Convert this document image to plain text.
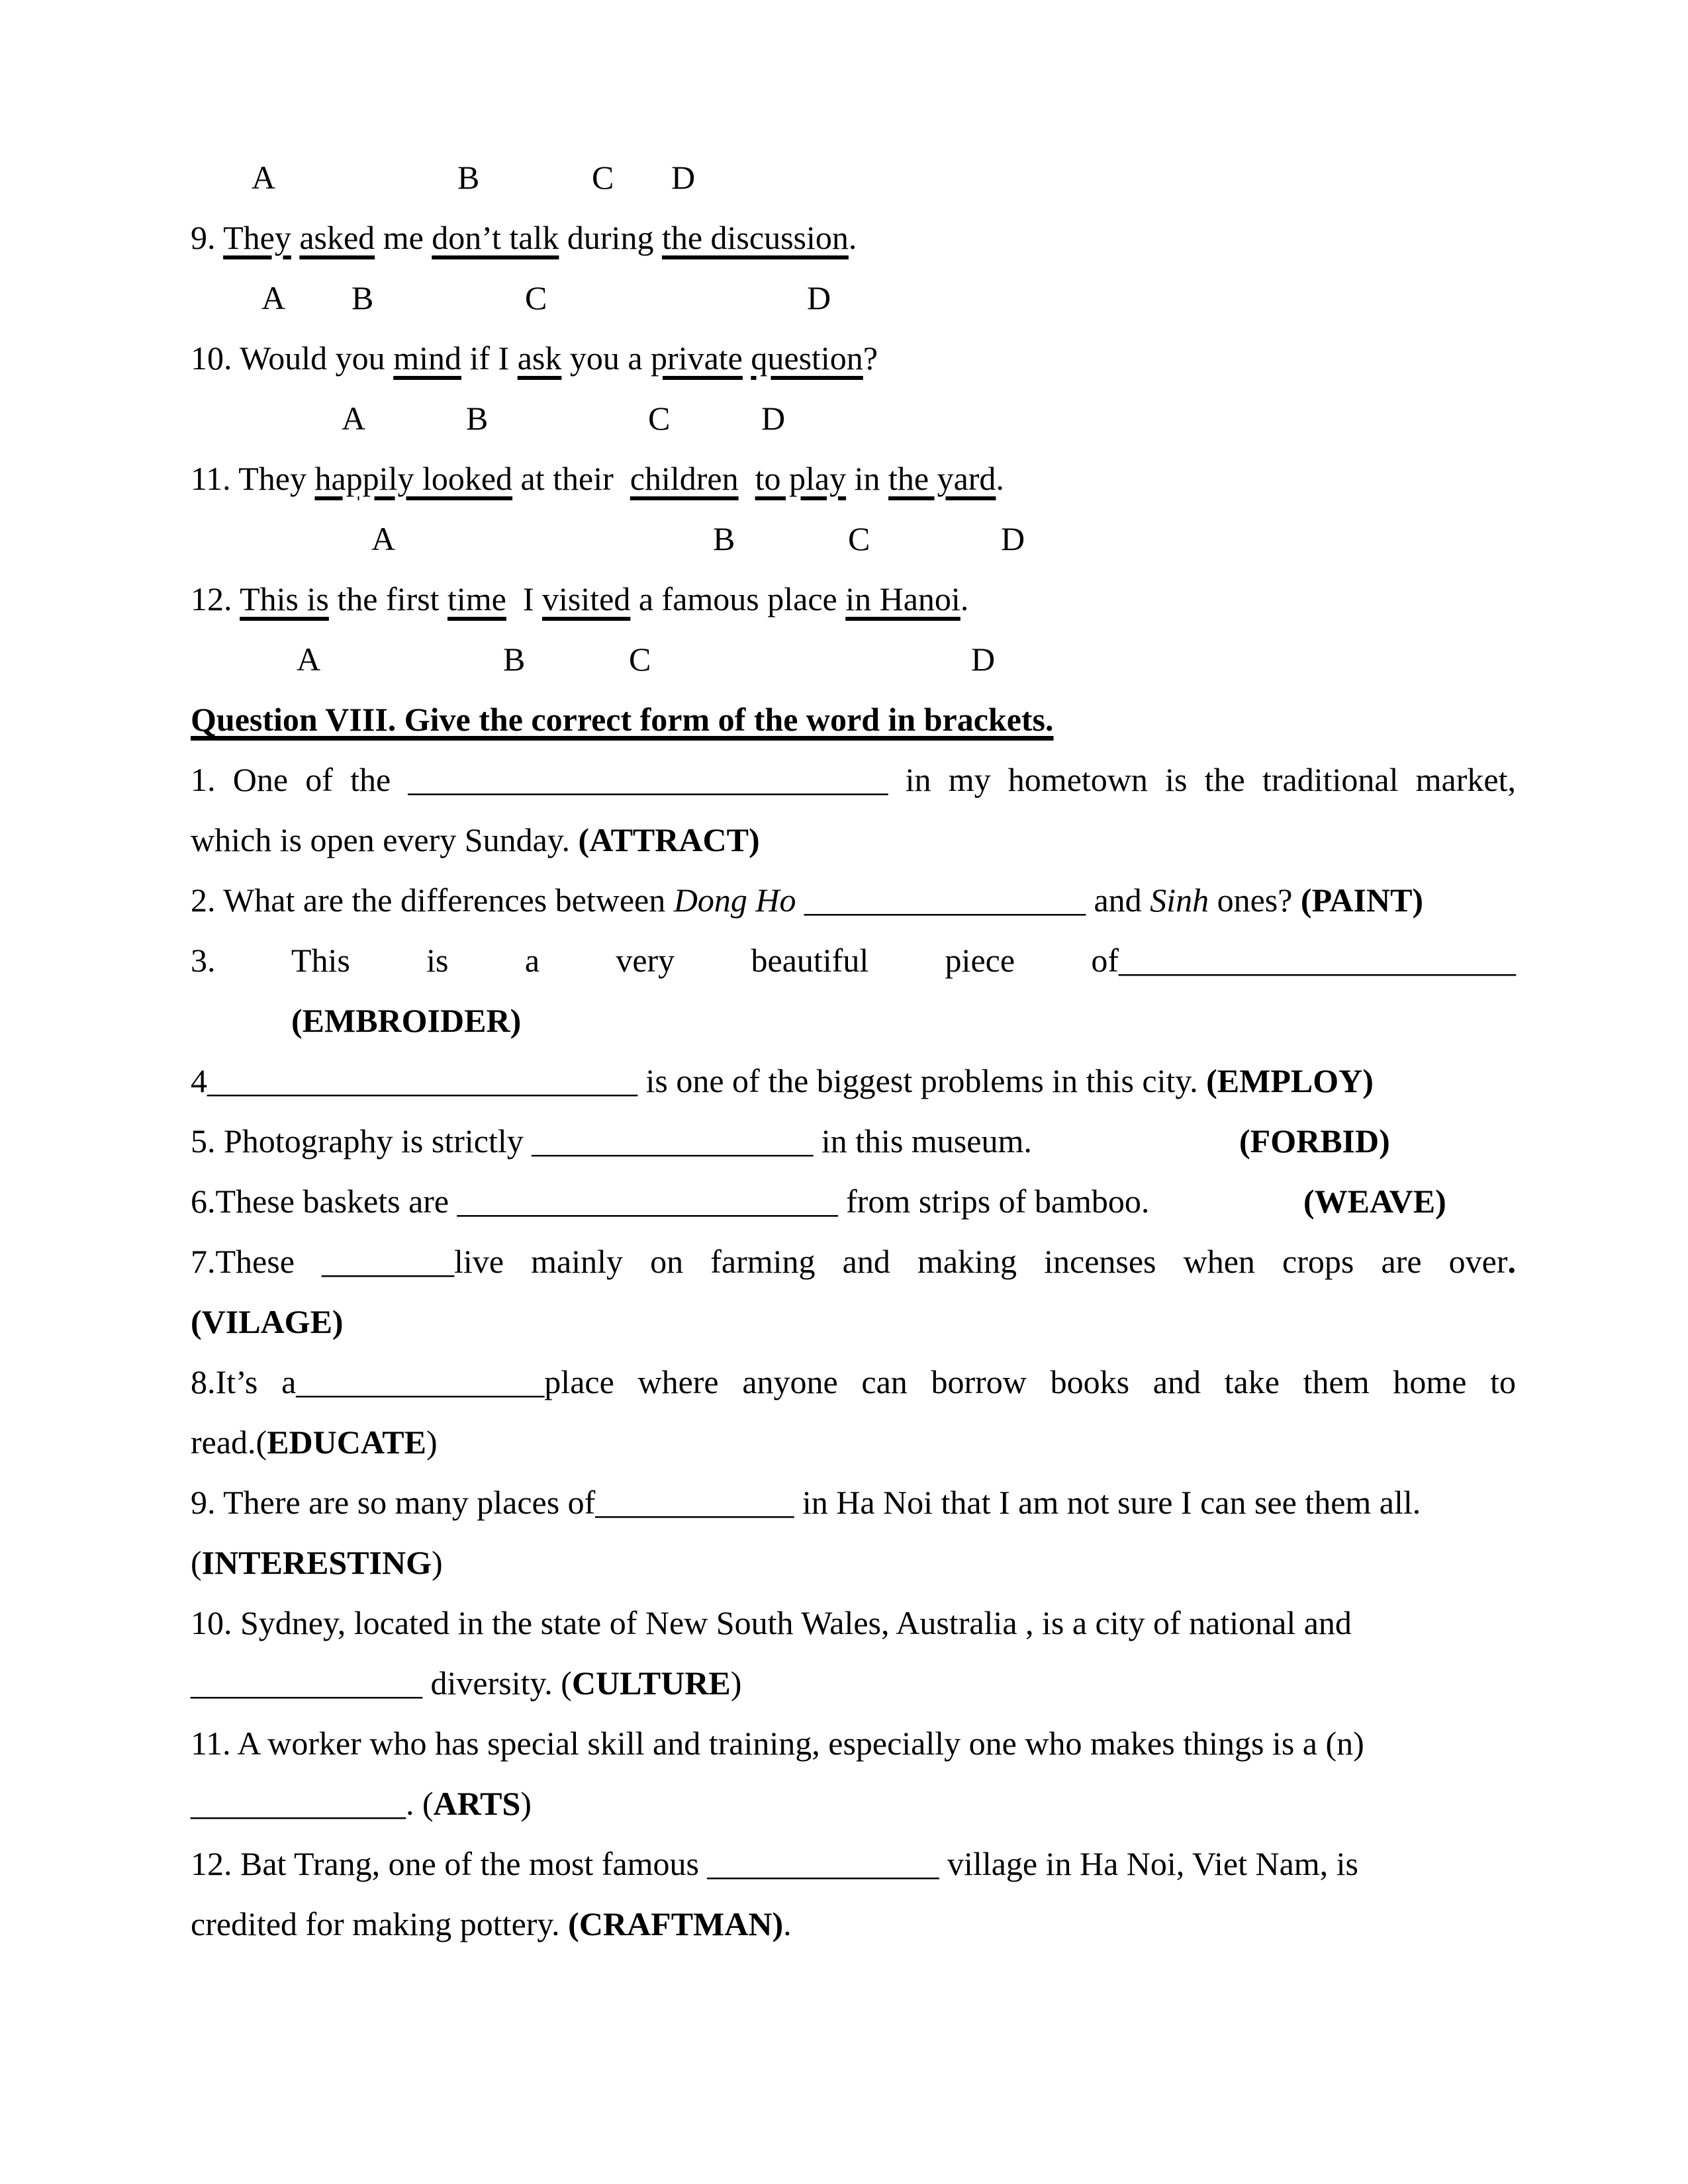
A	B	C D
9. They asked me don’t talk during the discussion.
A B	C	D
10. Would you mind if I ask you a private question?
A	B	C	D
11. They happily looked at their  children to play in the yard.
A	B	C	D
12. This is the first time  I visited a famous place in Hanoi.
A	B	C	D
Question VIII. Give the correct form of the word in brackets.
1. One of the _____________________________ in my hometown is the traditional market,
which is open every Sunday. (ATTRACT)
2. What are the differences between Dong Ho _________________ and Sinh ones? (PAINT)
3. This is a very beautiful piece of________________________
(EMBROIDER)
4__________________________ is one of the biggest problems in this city. (EMPLOY)
5. Photography is strictly _________________ in this museum.	(FORBID)
6.These baskets are _______________________ from strips of bamboo.	(WEAVE)
7.These ________live mainly on farming and making incenses when crops are over.
(VILAGE)
8.It’s a_______________place where anyone can borrow books and take them home to
read.(EDUCATE)
9. There are so many places of____________ in Ha Noi that I am not sure I can see them all.
(INTERESTING)
10. Sydney, located in the state of New South Wales, Australia , is a city of national and
______________ diversity. (CULTURE)
11. A worker who has special skill and training, especially one who makes things is a (n)
_____________. (ARTS)
12. Bat Trang, one of the most famous ______________ village in Ha Noi, Viet Nam, is
credited for making pottery. (CRAFTMAN).
